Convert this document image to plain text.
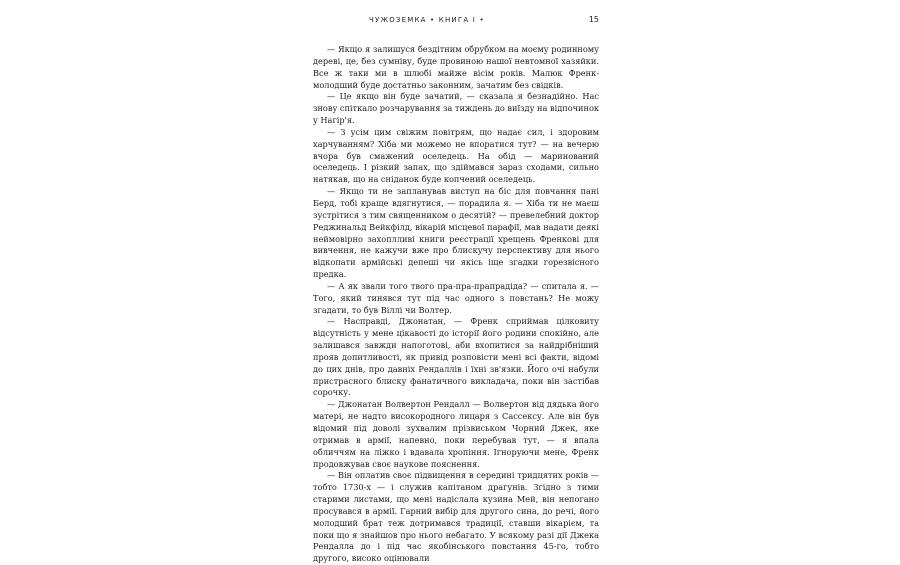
ЧУЖОЗЕМКА • КНИГА І •	15

— Якщо я залишуся бездітним обрубком на моєму родинному дереві, це, без сумніву, буде провиною нашої невтомної хазяйки. Все ж таки ми в шлюбі майже вісім років. Малюк Френк-молодший буде достатньо законним, зачатим без свідків.

— Це якщо він буде зачатий, — сказала я безнадійно. Нас знову спіткало розчарування за тиждень до виїзду на відпочинок у Нагір'я.

— З усім цим свіжим повітрям, що надає сил, і здоровим харчуванням? Хіба ми можемо не впоратися тут? — на вечерю вчора був смажений оселедець. На обід — маринований оселедець. І різкий запах, що здіймався зараз сходами, сильно натякав, що на сніданок буде копчений оселедець.

— Якщо ти не запланував виступ на біс для повчання пані Берд, тобі краще вдягнутися, — порадила я. — Хіба ти не маєш зустрітися з тим священником о десятій? — превелебний доктор Реджинальд Вейкфілд, вікарій місцевої парафії, мав надати деякі неймовірно захоплливі книги реєстрації хрещень Френкові для вивчення, не кажучи вже про блискучу перспективу для нього відкопати армійські депеші чи якісь іще згадки горезвісного предка.

— А як звали того твого пра-пра-прапрадіда? — спитала я. — Того, який тинявся тут під час одного з повстань? Не можу згадати, то був Віллі чи Волтер.

— Насправді, Джонатан, — Френк сприймав цілковиту відсутність у мене цікавості до історії його родини спокійно, але залишався завжди напоготові, аби вхопитися за найдрібніший прояв допитливості, як привід розповісти мені всі факти, відомі до цих днів, про давніх Рендаллів і їхні зв'язки. Його очі набули пристрасного блиску фанатичного викладача, поки він застібав сорочку.

— Джонатан Волвертон Рендалл — Волвертон від дядька його матері, не надто високородного лицаря з Сассексу. Але він був відомий під доволі зухвалим прізвиськом Чорний Джек, яке отримав в армії, напевно, поки перебував тут, — я впала обличчям на ліжко і вдавала хропіння. Ігноруючи мене, Френк продовжував своє наукове пояснення.

— Він оплатив своє підвищення в середині тридцятих років — тобто 1730-х — і служив капітаном драгунів. Згідно з тими старими листами, що мені надіслала кузина Мей, він непогано просувався в армії. Гарний вибір для другого сина, до речі, його молодший брат теж дотримався традиції, ставши вікарієм, та поки що я знайшов про нього небагато. У всякому разі дії Джека Рендалла до і під час якобінського повстання 45-го, тобто другого, високо оцінювали
